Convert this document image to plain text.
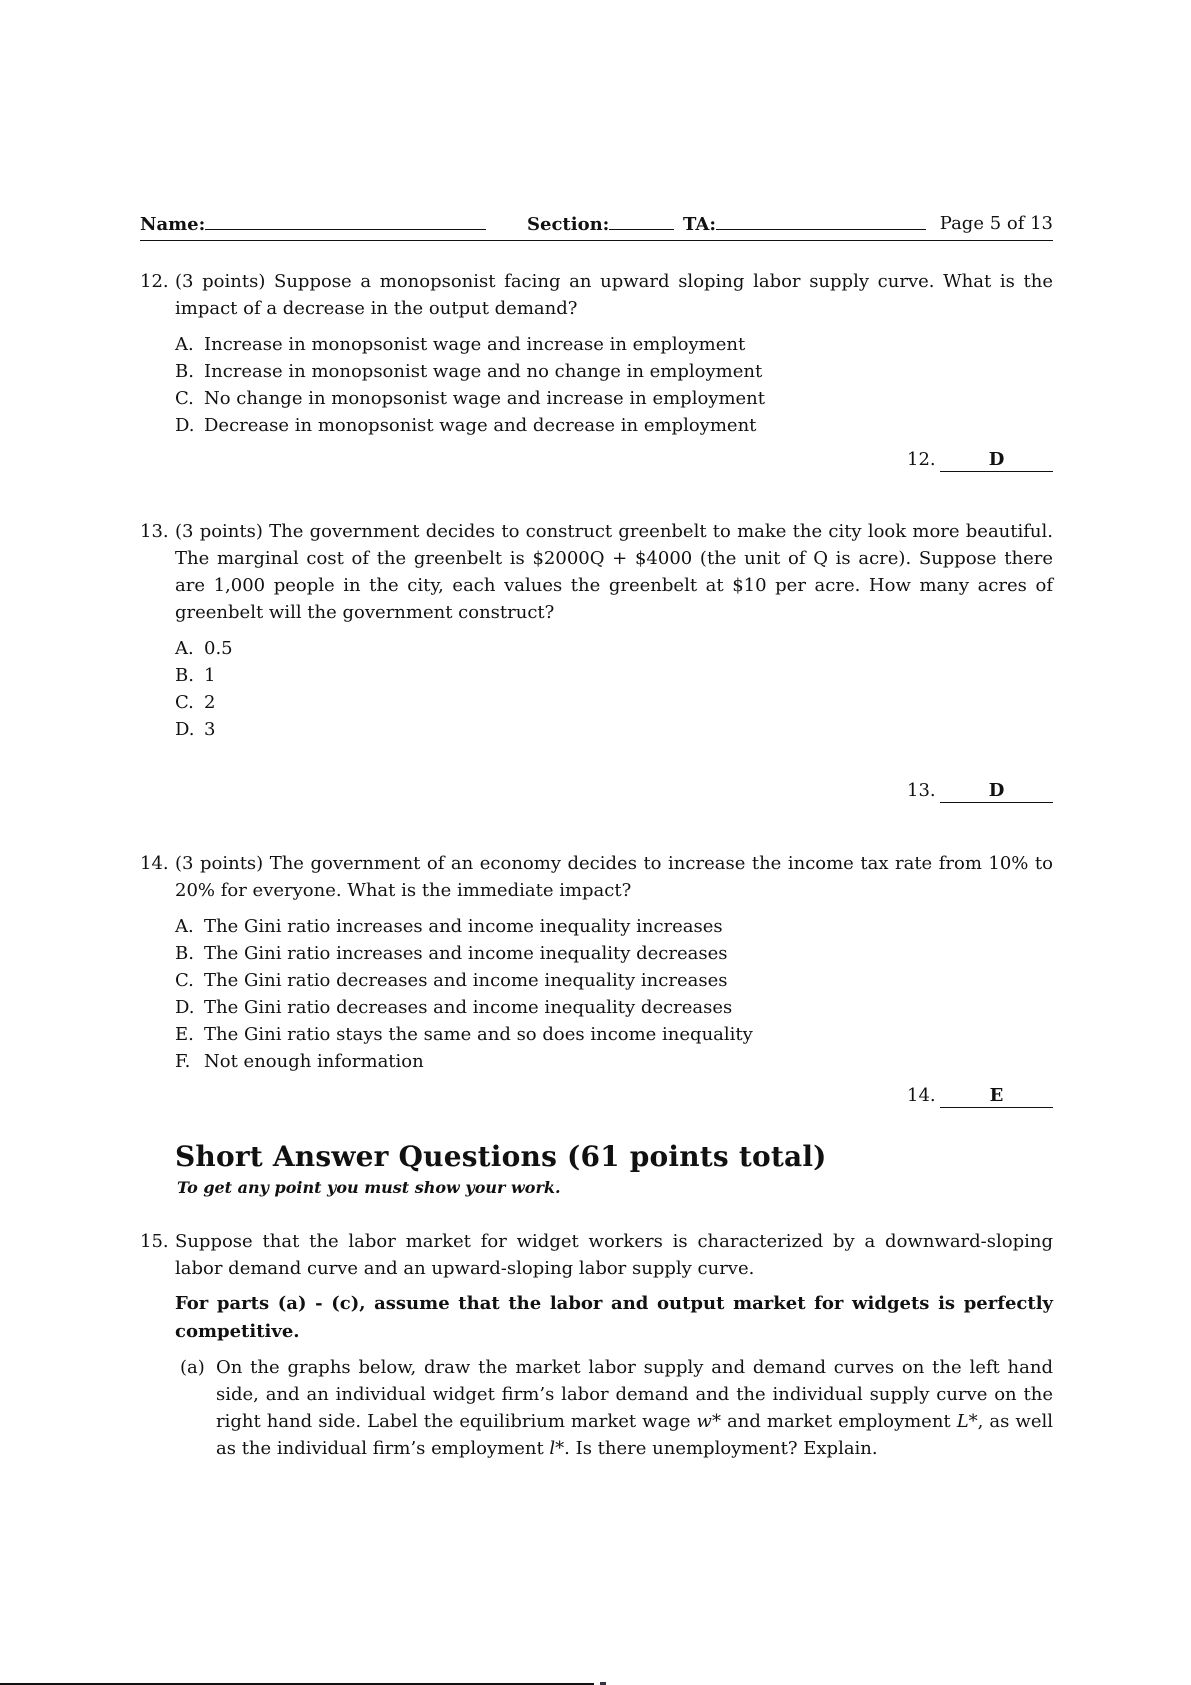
Name:	Section:	TA:	Page 5 of 13
12. (3 points) Suppose a monopsonist facing an upward sloping labor supply curve. What is the impact of a decrease in the output demand?
A. Increase in monopsonist wage and increase in employment
B. Increase in monopsonist wage and no change in employment
C. No change in monopsonist wage and increase in employment
D. Decrease in monopsonist wage and decrease in employment
12.	D
13. (3 points) The government decides to construct greenbelt to make the city look more beautiful. The marginal cost of the greenbelt is $2000Q + $4000 (the unit of Q is acre). Suppose there are 1,000 people in the city, each values the greenbelt at $10 per acre. How many acres of greenbelt will the government construct?
A. 0.5
B. 1
C. 2
D. 3
13.	D
14. (3 points) The government of an economy decides to increase the income tax rate from 10% to 20% for everyone. What is the immediate impact?
A. The Gini ratio increases and income inequality increases
B. The Gini ratio increases and income inequality decreases
C. The Gini ratio decreases and income inequality increases
D. The Gini ratio decreases and income inequality decreases
E. The Gini ratio stays the same and so does income inequality
F. Not enough information
14.	E
Short Answer Questions (61 points total)
To get any point you must show your work.
15. Suppose that the labor market for widget workers is characterized by a downward-sloping labor demand curve and an upward-sloping labor supply curve.
For parts (a) - (c), assume that the labor and output market for widgets is perfectly competitive.
(a) On the graphs below, draw the market labor supply and demand curves on the left hand side, and an individual widget firm’s labor demand and the individual supply curve on the right hand side. Label the equilibrium market wage w* and market employment L*, as well as the individual firm’s employment l*. Is there unemployment? Explain.
